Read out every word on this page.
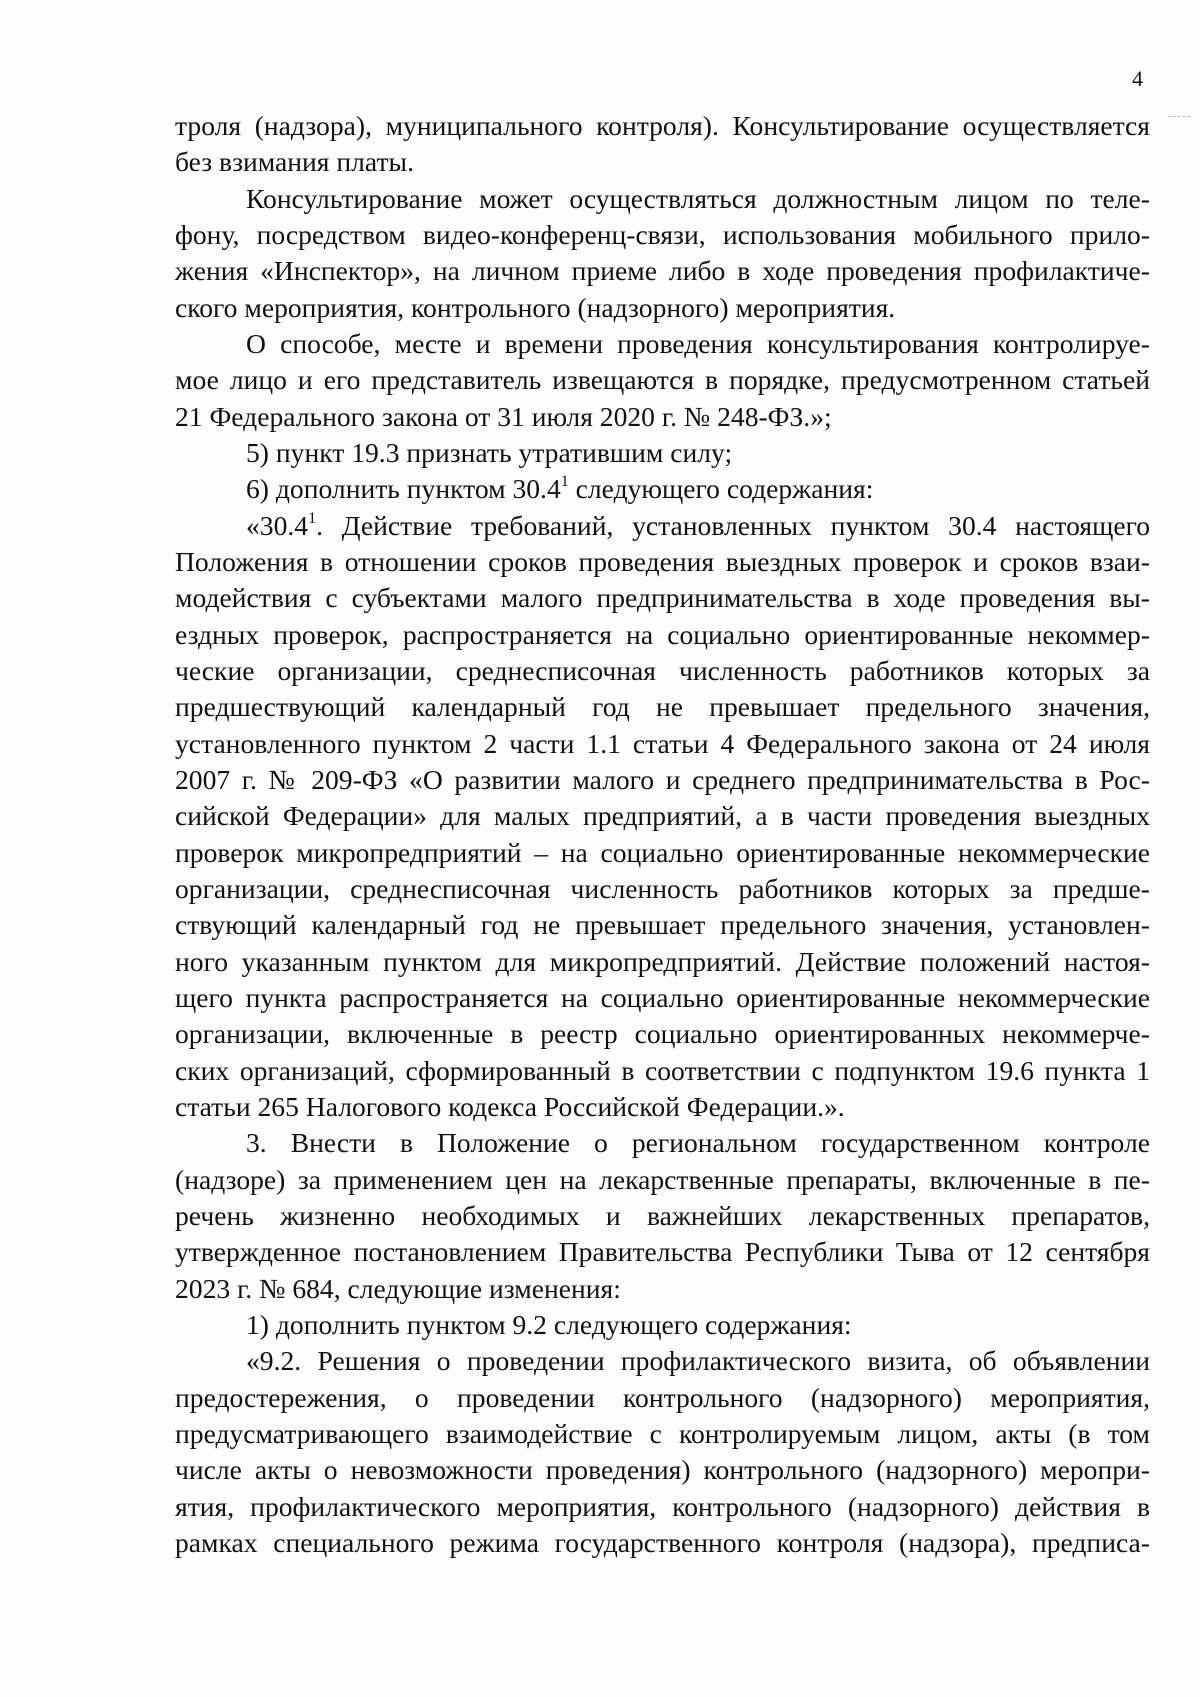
4
троля (надзора), муниципального контроля). Консультирование осуществляется
без взимания платы.
Консультирование может осуществляться должностным лицом по теле-
фону, посредством видео-конференц-связи, использования мобильного прило-
жения «Инспектор», на личном приеме либо в ходе проведения профилактиче-
ского мероприятия, контрольного (надзорного) мероприятия.
О способе, месте и времени проведения консультирования контролируе-
мое лицо и его представитель извещаются в порядке, предусмотренном статьей
21 Федерального закона от 31 июля 2020 г. № 248-ФЗ.»;
5) пункт 19.3 признать утратившим силу;
6) дополнить пунктом 30.4$^1$ следующего содержания:
«30.4$^1$. Действие требований, установленных пунктом 30.4 настоящего
Положения в отношении сроков проведения выездных проверок и сроков взаи-
модействия с субъектами малого предпринимательства в ходе проведения вы-
ездных проверок, распространяется на социально ориентированные некоммер-
ческие организации, среднесписочная численность работников которых за
предшествующий календарный год не превышает предельного значения,
установленного пунктом 2 части 1.1 статьи 4 Федерального закона от 24 июля
2007 г. № 209-ФЗ «О развитии малого и среднего предпринимательства в Рос-
сийской Федерации» для малых предприятий, а в части проведения выездных
проверок микропредприятий – на социально ориентированные некоммерческие
организации, среднесписочная численность работников которых за предше-
ствующий календарный год не превышает предельного значения, установлен-
ного указанным пунктом для микропредприятий. Действие положений настоя-
щего пункта распространяется на социально ориентированные некоммерческие
организации, включенные в реестр социально ориентированных некоммерче-
ских организаций, сформированный в соответствии с подпунктом 19.6 пункта 1
статьи 265 Налогового кодекса Российской Федерации.».
3. Внести в Положение о региональном государственном контроле
(надзоре) за применением цен на лекарственные препараты, включенные в пе-
речень жизненно необходимых и важнейших лекарственных препаратов,
утвержденное постановлением Правительства Республики Тыва от 12 сентября
2023 г. № 684, следующие изменения:
1) дополнить пунктом 9.2 следующего содержания:
«9.2. Решения о проведении профилактического визита, об объявлении
предостережения, о проведении контрольного (надзорного) мероприятия,
предусматривающего взаимодействие с контролируемым лицом, акты (в том
числе акты о невозможности проведения) контрольного (надзорного) меропри-
ятия, профилактического мероприятия, контрольного (надзорного) действия в
рамках специального режима государственного контроля (надзора), предписа-
